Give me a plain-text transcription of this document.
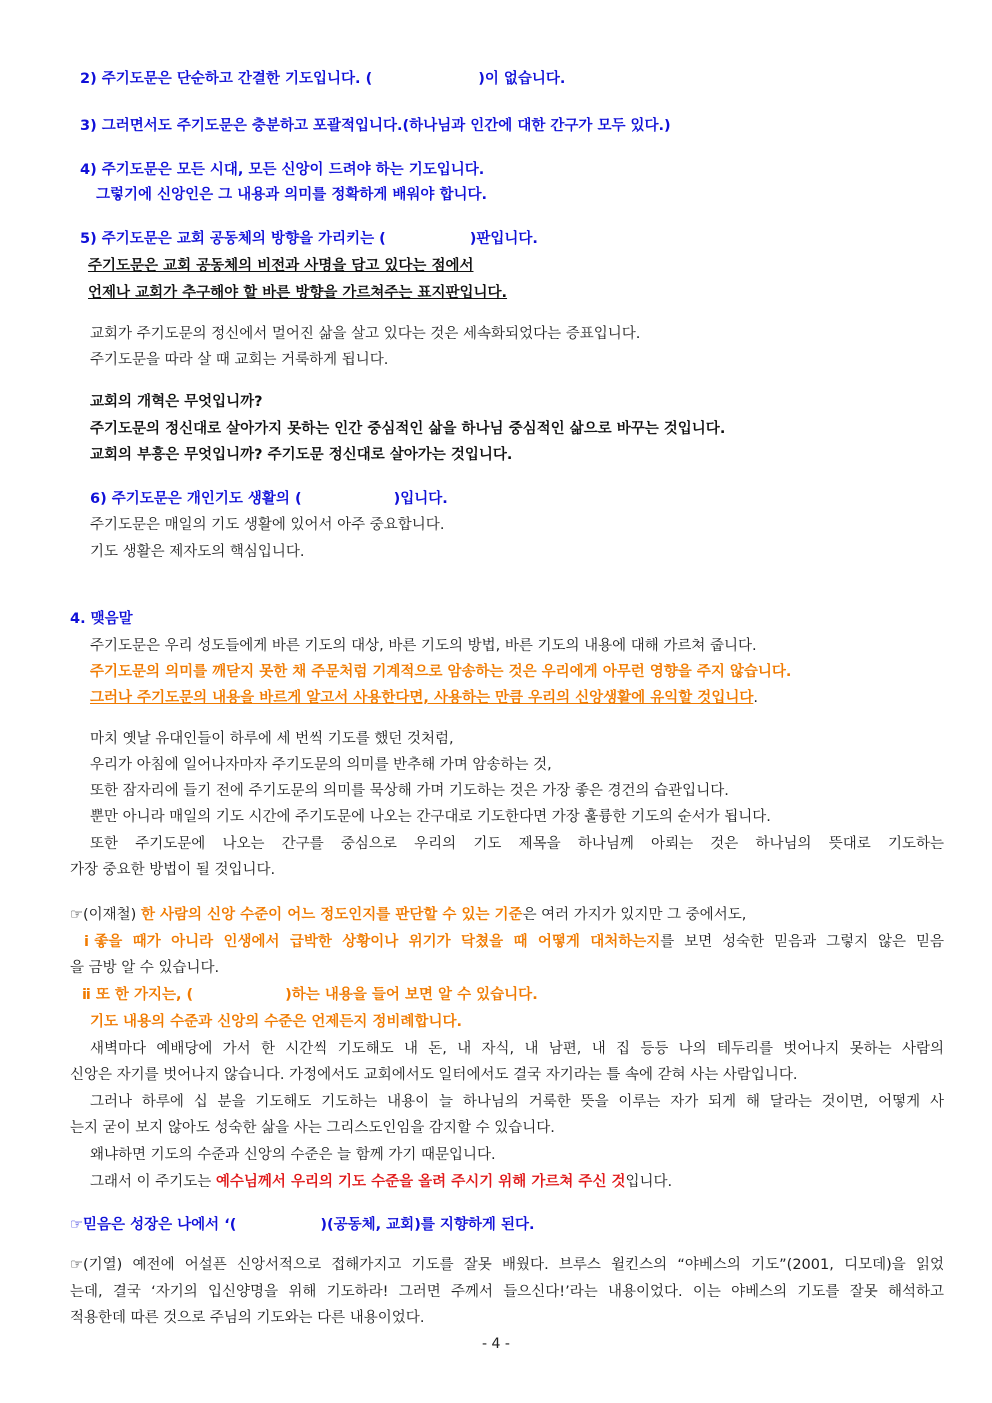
2) 주기도문은 단순하고 간결한 기도입니다. (	)이 없습니다.
3) 그러면서도 주기도문은 충분하고 포괄적입니다.(하나님과 인간에 대한 간구가 모두 있다.)
4) 주기도문은 모든 시대, 모든 신앙이 드려야 하는 기도입니다.
그렇기에 신앙인은 그 내용과 의미를 정확하게 배워야 합니다.
5) 주기도문은 교회 공동체의 방향을 가리키는 (	)판입니다.
주기도문은 교회 공동체의 비전과 사명을 담고 있다는 점에서
언제나 교회가 추구해야 할 바른 방향을 가르쳐주는 표지판입니다.
교회가 주기도문의 정신에서 멀어진 삶을 살고 있다는 것은 세속화되었다는 증표입니다.
주기도문을 따라 살 때 교회는 거룩하게 됩니다.
교회의 개혁은 무엇입니까?
주기도문의 정신대로 살아가지 못하는 인간 중심적인 삶을 하나님 중심적인 삶으로 바꾸는 것입니다.
교회의 부흥은 무엇입니까? 주기도문 정신대로 살아가는 것입니다.
6) 주기도문은 개인기도 생활의 (	)입니다.
주기도문은 매일의 기도 생활에 있어서 아주 중요합니다.
기도 생활은 제자도의 핵심입니다.
4. 맺음말
주기도문은 우리 성도들에게 바른 기도의 대상, 바른 기도의 방법, 바른 기도의 내용에 대해 가르쳐 줍니다.
주기도문의 의미를 깨닫지 못한 채 주문처럼 기계적으로 암송하는 것은 우리에게 아무런 영향을 주지 않습니다.
그러나 주기도문의 내용을 바르게 알고서 사용한다면, 사용하는 만큼 우리의 신앙생활에 유익할 것입니다.
마치 옛날 유대인들이 하루에 세 번씩 기도를 했던 것처럼,
우리가 아침에 일어나자마자 주기도문의 의미를 반추해 가며 암송하는 것,
또한 잠자리에 들기 전에 주기도문의 의미를 묵상해 가며 기도하는 것은 가장 좋은 경건의 습관입니다.
뿐만 아니라 매일의 기도 시간에 주기도문에 나오는 간구대로 기도한다면 가장 훌륭한 기도의 순서가 됩니다.
또한 주기도문에 나오는 간구를 중심으로 우리의 기도 제목을 하나님께 아뢰는 것은 하나님의 뜻대로 기도하는
가장 중요한 방법이 될 것입니다.
☞(이재철) 한 사람의 신앙 수준이 어느 정도인지를 판단할 수 있는 기준은 여러 가지가 있지만 그 중에서도,
ⅰ좋을 때가 아니라 인생에서 급박한 상황이나 위기가 닥쳤을 때 어떻게 대처하는지를 보면 성숙한 믿음과 그렇지 않은 믿음
을 금방 알 수 있습니다.
ⅱ 또 한 가지는, (	)하는 내용을 들어 보면 알 수 있습니다.
기도 내용의 수준과 신앙의 수준은 언제든지 정비례합니다.
새벽마다 예배당에 가서 한 시간씩 기도해도 내 돈, 내 자식, 내 남편, 내 집 등등 나의 테두리를 벗어나지 못하는 사람의
신앙은 자기를 벗어나지 않습니다. 가정에서도 교회에서도 일터에서도 결국 자기라는 틀 속에 갇혀 사는 사람입니다.
그러나 하루에 십 분을 기도해도 기도하는 내용이 늘 하나님의 거룩한 뜻을 이루는 자가 되게 해 달라는 것이면, 어떻게 사
는지 굳이 보지 않아도 성숙한 삶을 사는 그리스도인임을 감지할 수 있습니다.
왜냐하면 기도의 수준과 신앙의 수준은 늘 함께 가기 때문입니다.
그래서 이 주기도는 예수님께서 우리의 기도 수준을 올려 주시기 위해 가르쳐 주신 것입니다.
☞믿음은 성장은 나에서 ‘(	)(공동체, 교회)를 지향하게 된다.
☞(기열) 예전에 어설픈 신앙서적으로 접해가지고 기도를 잘못 배웠다. 브루스 윌킨스의 “야베스의 기도”(2001, 디모데)을 읽었
는데, 결국 ‘자기의 입신양명을 위해 기도하라! 그러면 주께서 들으신다!’라는 내용이었다. 이는 야베스의 기도를 잘못 해석하고
적용한데 따른 것으로 주님의 기도와는 다른 내용이었다.
- 4 -
